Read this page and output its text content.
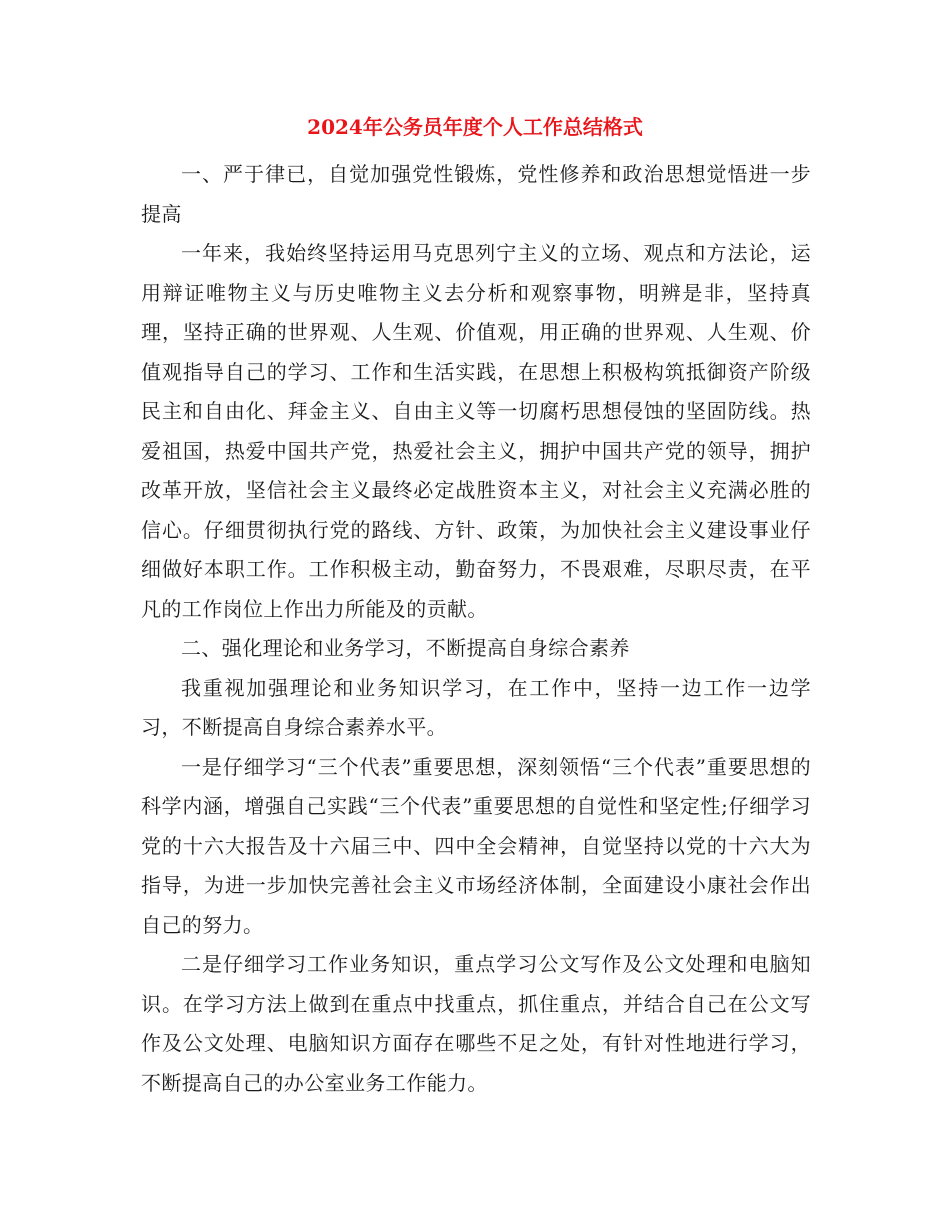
2024年公务员年度个人工作总结格式

一、严于律已，自觉加强党性锻炼，党性修养和政治思想觉悟进一步提高

一年来，我始终坚持运用马克思列宁主义的立场、观点和方法论，运用辩证唯物主义与历史唯物主义去分析和观察事物，明辨是非，坚持真理，坚持正确的世界观、人生观、价值观，用正确的世界观、人生观、价值观指导自己的学习、工作和生活实践，在思想上积极构筑抵御资产阶级民主和自由化、拜金主义、自由主义等一切腐朽思想侵蚀的坚固防线。热爱祖国，热爱中国共产党，热爱社会主义，拥护中国共产党的领导，拥护改革开放，坚信社会主义最终必定战胜资本主义，对社会主义充满必胜的信心。仔细贯彻执行党的路线、方针、政策，为加快社会主义建设事业仔细做好本职工作。工作积极主动，勤奋努力，不畏艰难，尽职尽责，在平凡的工作岗位上作出力所能及的贡献。

二、强化理论和业务学习，不断提高自身综合素养

我重视加强理论和业务知识学习，在工作中，坚持一边工作一边学习，不断提高自身综合素养水平。

一是仔细学习“三个代表”重要思想，深刻领悟“三个代表”重要思想的科学内涵，增强自己实践“三个代表”重要思想的自觉性和坚定性;仔细学习党的十六大报告及十六届三中、四中全会精神，自觉坚持以党的十六大为指导，为进一步加快完善社会主义市场经济体制，全面建设小康社会作出自己的努力。

二是仔细学习工作业务知识，重点学习公文写作及公文处理和电脑知识。在学习方法上做到在重点中找重点，抓住重点，并结合自己在公文写作及公文处理、电脑知识方面存在哪些不足之处，有针对性地进行学习，不断提高自己的办公室业务工作能力。
